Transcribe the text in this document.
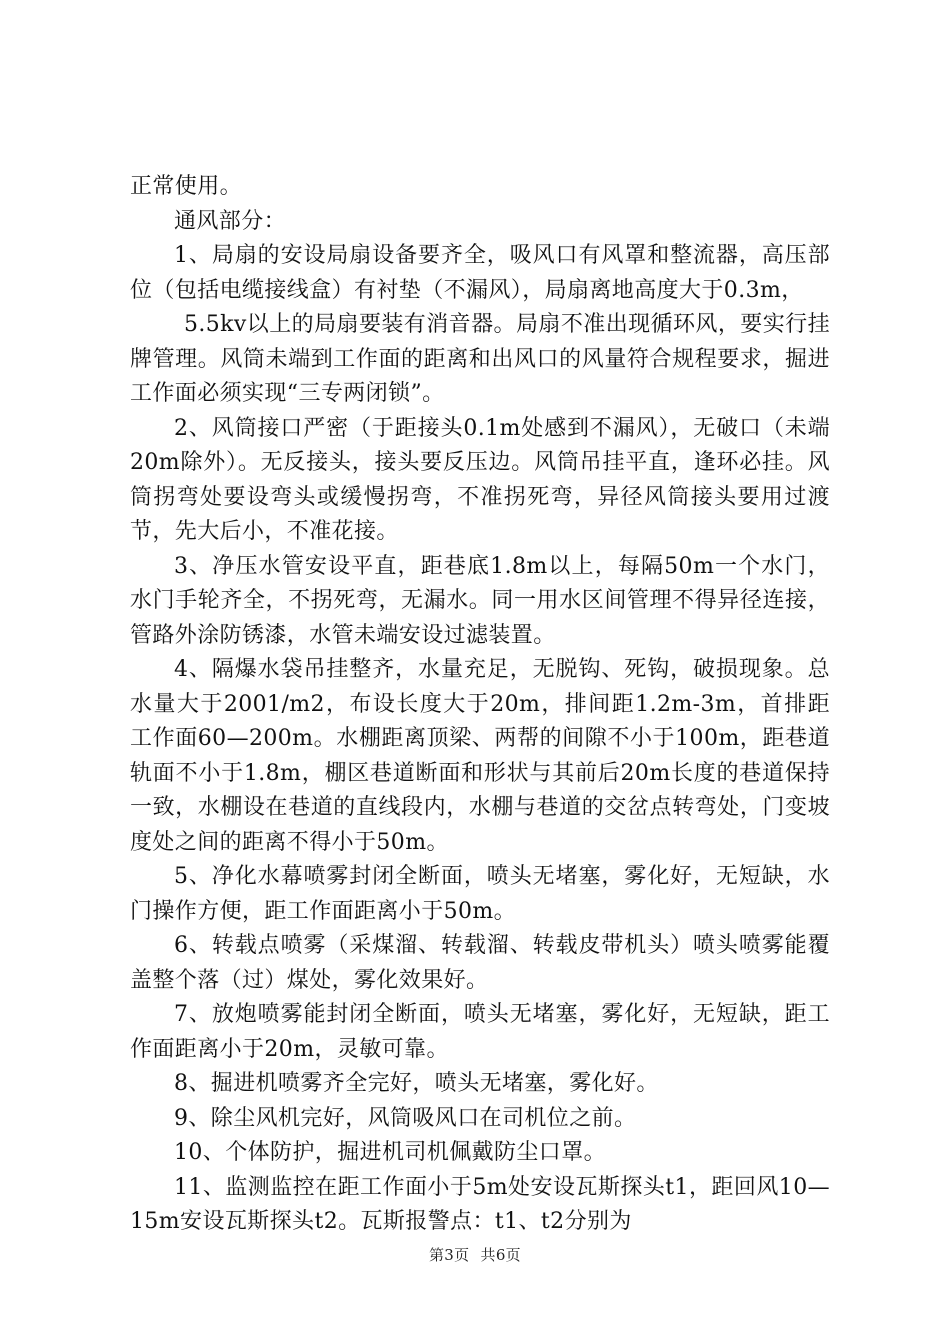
正常使用。

通风部分：

1、局扇的安设局扇设备要齐全，吸风口有风罩和整流器，高压部位（包括电缆接线盒）有衬垫（不漏风），局扇离地高度大于0.3m，

5.5kv以上的局扇要装有消音器。局扇不准出现循环风，要实行挂牌管理。风筒未端到工作面的距离和出风口的风量符合规程要求，掘进工作面必须实现“三专两闭锁”。

2、风筒接口严密（于距接头0.1m处感到不漏风），无破口（未端20m除外）。无反接头，接头要反压边。风筒吊挂平直，逢环必挂。风筒拐弯处要设弯头或缓慢拐弯，不准拐死弯，异径风筒接头要用过渡节，先大后小，不准花接。

3、净压水管安设平直，距巷底1.8m以上，每隔50m一个水门，水门手轮齐全，不拐死弯，无漏水。同一用水区间管理不得异径连接，管路外涂防锈漆，水管未端安设过滤装置。

4、隔爆水袋吊挂整齐，水量充足，无脱钩、死钩，破损现象。总水量大于2001/m2，布设长度大于20m，排间距1.2m-3m，首排距工作面60—200m。水棚距离顶梁、两帮的间隙不小于100m，距巷道轨面不小于1.8m，棚区巷道断面和形状与其前后20m长度的巷道保持一致，水棚设在巷道的直线段内，水棚与巷道的交岔点转弯处，门变坡度处之间的距离不得小于50m。

5、净化水幕喷雾封闭全断面，喷头无堵塞，雾化好，无短缺，水门操作方便，距工作面距离小于50m。

6、转载点喷雾（采煤溜、转载溜、转载皮带机头）喷头喷雾能覆盖整个落（过）煤处，雾化效果好。

7、放炮喷雾能封闭全断面，喷头无堵塞，雾化好，无短缺，距工作面距离小于20m，灵敏可靠。

8、掘进机喷雾齐全完好，喷头无堵塞，雾化好。

9、除尘风机完好，风筒吸风口在司机位之前。

10、个体防护，掘进机司机佩戴防尘口罩。

11、监测监控在距工作面小于5m处安设瓦斯探头t1，距回风10—15m安设瓦斯探头t2。瓦斯报警点：t1、t2分别为

第3页 共6页
